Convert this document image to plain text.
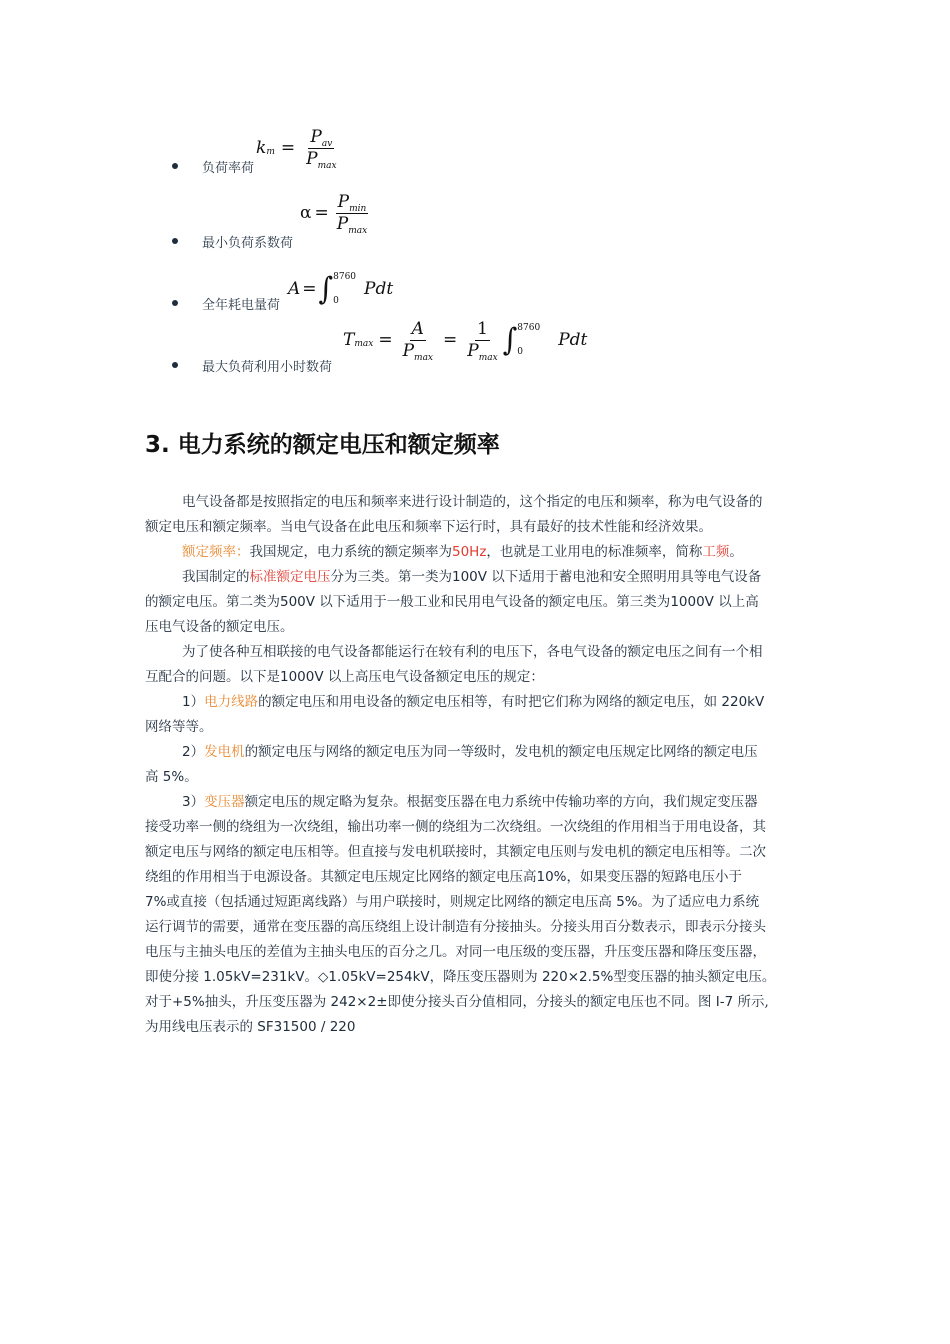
负荷率荷
k $m = \frac{P_{av}}{P_{max}}$
最小负荷系数荷
$\alpha = \frac{P_{min}}{P_{max}}$
全年耗电量荷
A = ∫ 8760
0
Pdt
最大负荷利用小时数荷
T $\max = \frac{A}{P_{max}} = \frac{1}{P_{max}}$ ∫ 8760
0
Pdt
3. 电力系统的额定电压和额定频率
电气设备都是按照指定的电压和频率来进行设计制造的，这个指定的电压和频率，称为电气设备的
额定电压和额定频率。当电气设备在此电压和频率下运行时，具有最好的技术性能和经济效果。
额定频率：我国规定，电力系统的额定频率为50Hz，也就是工业用电的标准频率，简称工频。
我国制定的标准额定电压分为三类。第一类为100V 以下适用于蓄电池和安全照明用具等电气设备
的额定电压。第二类为500V 以下适用于一般工业和民用电气设备的额定电压。第三类为1000V 以上高
压电气设备的额定电压。
为了使各种互相联接的电气设备都能运行在较有利的电压下，各电气设备的额定电压之间有一个相
互配合的问题。以下是1000V 以上高压电气设备额定电压的规定：
1）电力线路的额定电压和用电设备的额定电压相等，有时把它们称为网络的额定电压，如 220kV
网络等等。
2）发电机的额定电压与网络的额定电压为同一等级时，发电机的额定电压规定比网络的额定电压
高 5%。
3）变压器额定电压的规定略为复杂。根据变压器在电力系统中传输功率的方向，我们规定变压器
接受功率一侧的绕组为一次绕组，输出功率一侧的绕组为二次绕组。一次绕组的作用相当于用电设备，其
额定电压与网络的额定电压相等。但直接与发电机联接时，其额定电压则与发电机的额定电压相等。二次
绕组的作用相当于电源设备。其额定电压规定比网络的额定电压高10%，如果变压器的短路电压小于
7%或直接（包括通过短距离线路）与用户联接时，则规定比网络的额定电压高 5%。为了适应电力系统
运行调节的需要，通常在变压器的高压绕组上设计制造有分接抽头。分接头用百分数表示，即表示分接头
电压与主抽头电压的差值为主抽头电压的百分之几。对同一电压级的变压器，升压变压器和降压变压器，
即使分接 1.05kV=231kV。◇1.05kV=254kV，降压变压器则为 220×2.5%型变压器的抽头额定电压。
对于+5%抽头，升压变压器为 242×2±即使分接头百分值相同，分接头的额定电压也不同。图 I-7 所示,
为用线电压表示的 SF31500 / 220
